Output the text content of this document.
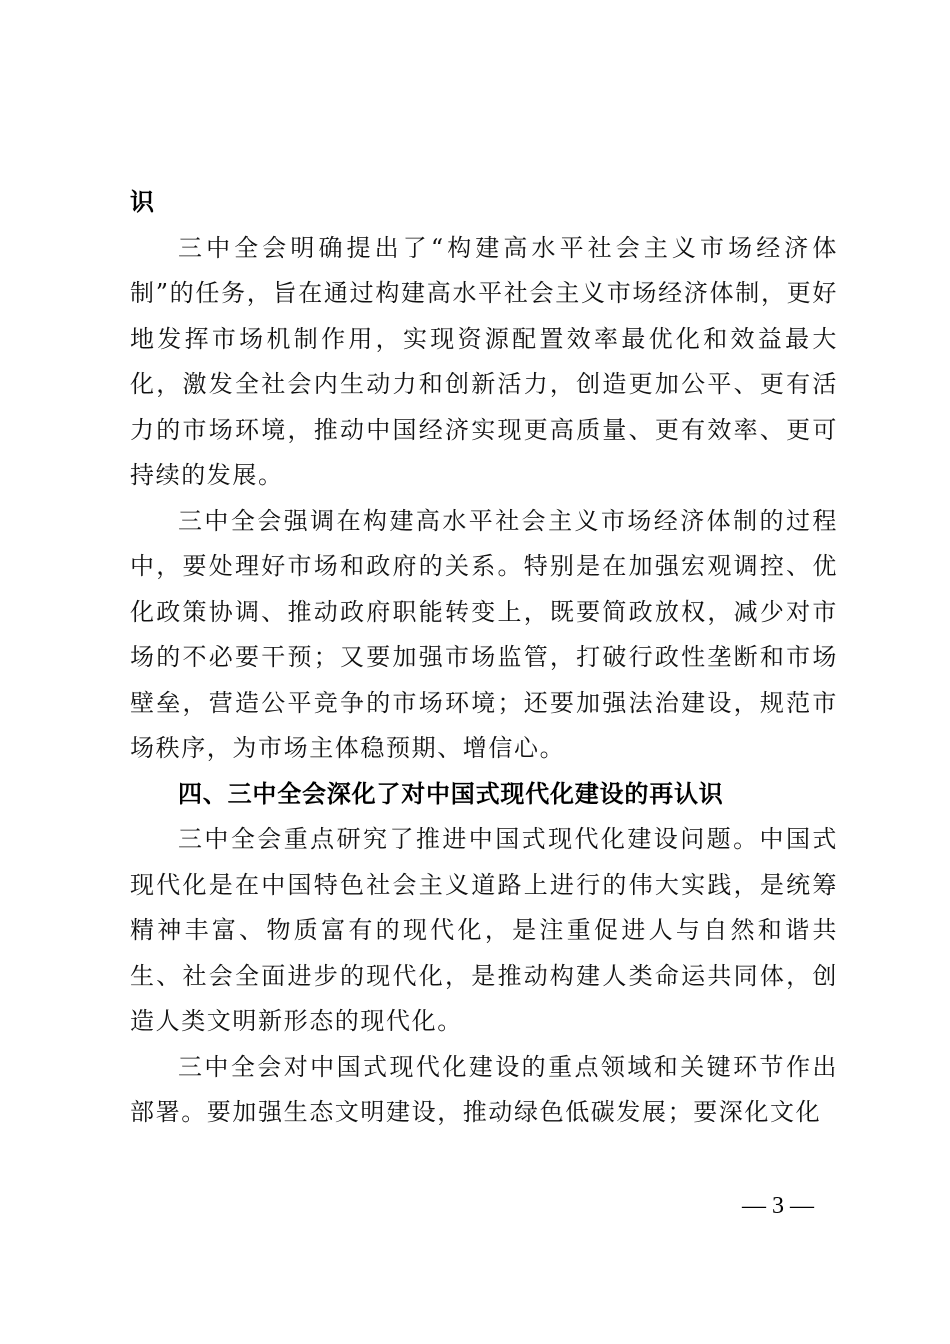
识

三中全会明确提出了“构建高水平社会主义市场经济体制”的任务，旨在通过构建高水平社会主义市场经济体制，更好地发挥市场机制作用，实现资源配置效率最优化和效益最大化，激发全社会内生动力和创新活力，创造更加公平、更有活力的市场环境，推动中国经济实现更高质量、更有效率、更可持续的发展。

三中全会强调在构建高水平社会主义市场经济体制的过程中，要处理好市场和政府的关系。特别是在加强宏观调控、优化政策协调、推动政府职能转变上，既要简政放权，减少对市场的不必要干预；又要加强市场监管，打破行政性垄断和市场壁垒，营造公平竞争的市场环境；还要加强法治建设，规范市场秩序，为市场主体稳预期、增信心。

四、三中全会深化了对中国式现代化建设的再认识

三中全会重点研究了推进中国式现代化建设问题。中国式现代化是在中国特色社会主义道路上进行的伟大实践，是统筹精神丰富、物质富有的现代化，是注重促进人与自然和谐共生、社会全面进步的现代化，是推动构建人类命运共同体，创造人类文明新形态的现代化。

三中全会对中国式现代化建设的重点领域和关键环节作出部署。要加强生态文明建设，推动绿色低碳发展；要深化文化

— 3 —
